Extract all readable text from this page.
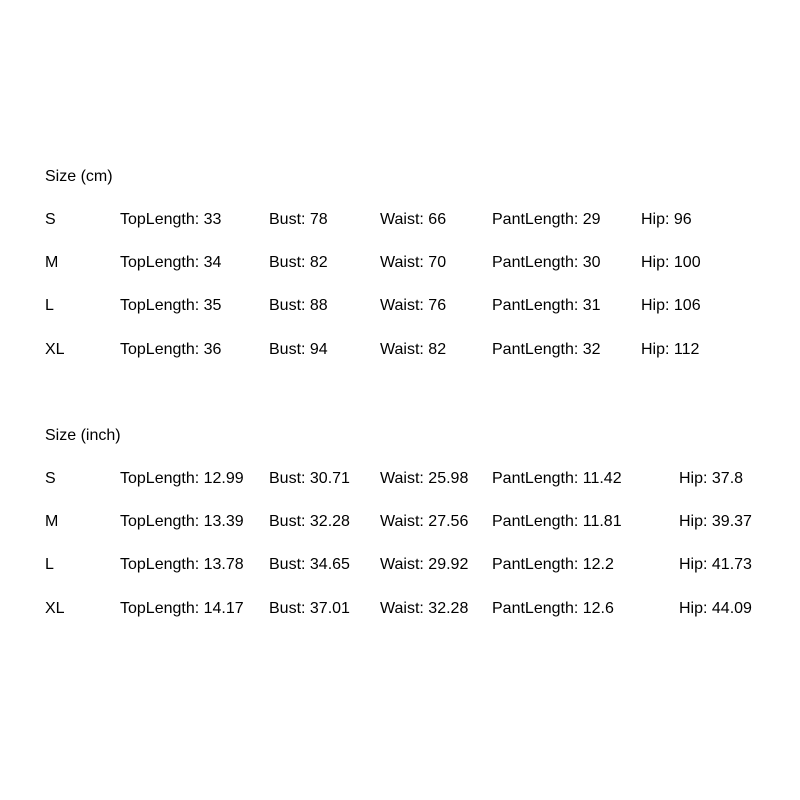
Size (cm)
S	TopLength: 33	Bust: 78	Waist: 66	PantLength: 29	Hip: 96
M	TopLength: 34	Bust: 82	Waist: 70	PantLength: 30	Hip: 100
L	TopLength: 35	Bust: 88	Waist: 76	PantLength: 31	Hip: 106
XL	TopLength: 36	Bust: 94	Waist: 82	PantLength: 32	Hip: 112
Size (inch)
S	TopLength: 12.99 Bust: 30.71 Waist: 25.98 PantLength: 11.42	Hip: 37.8
M	TopLength: 13.39 Bust: 32.28 Waist: 27.56 PantLength: 11.81	Hip: 39.37
L	TopLength: 13.78 Bust: 34.65 Waist: 29.92 PantLength: 12.2	Hip: 41.73
XL	TopLength: 14.17 Bust: 37.01 Waist: 32.28 PantLength: 12.6	Hip: 44.09
